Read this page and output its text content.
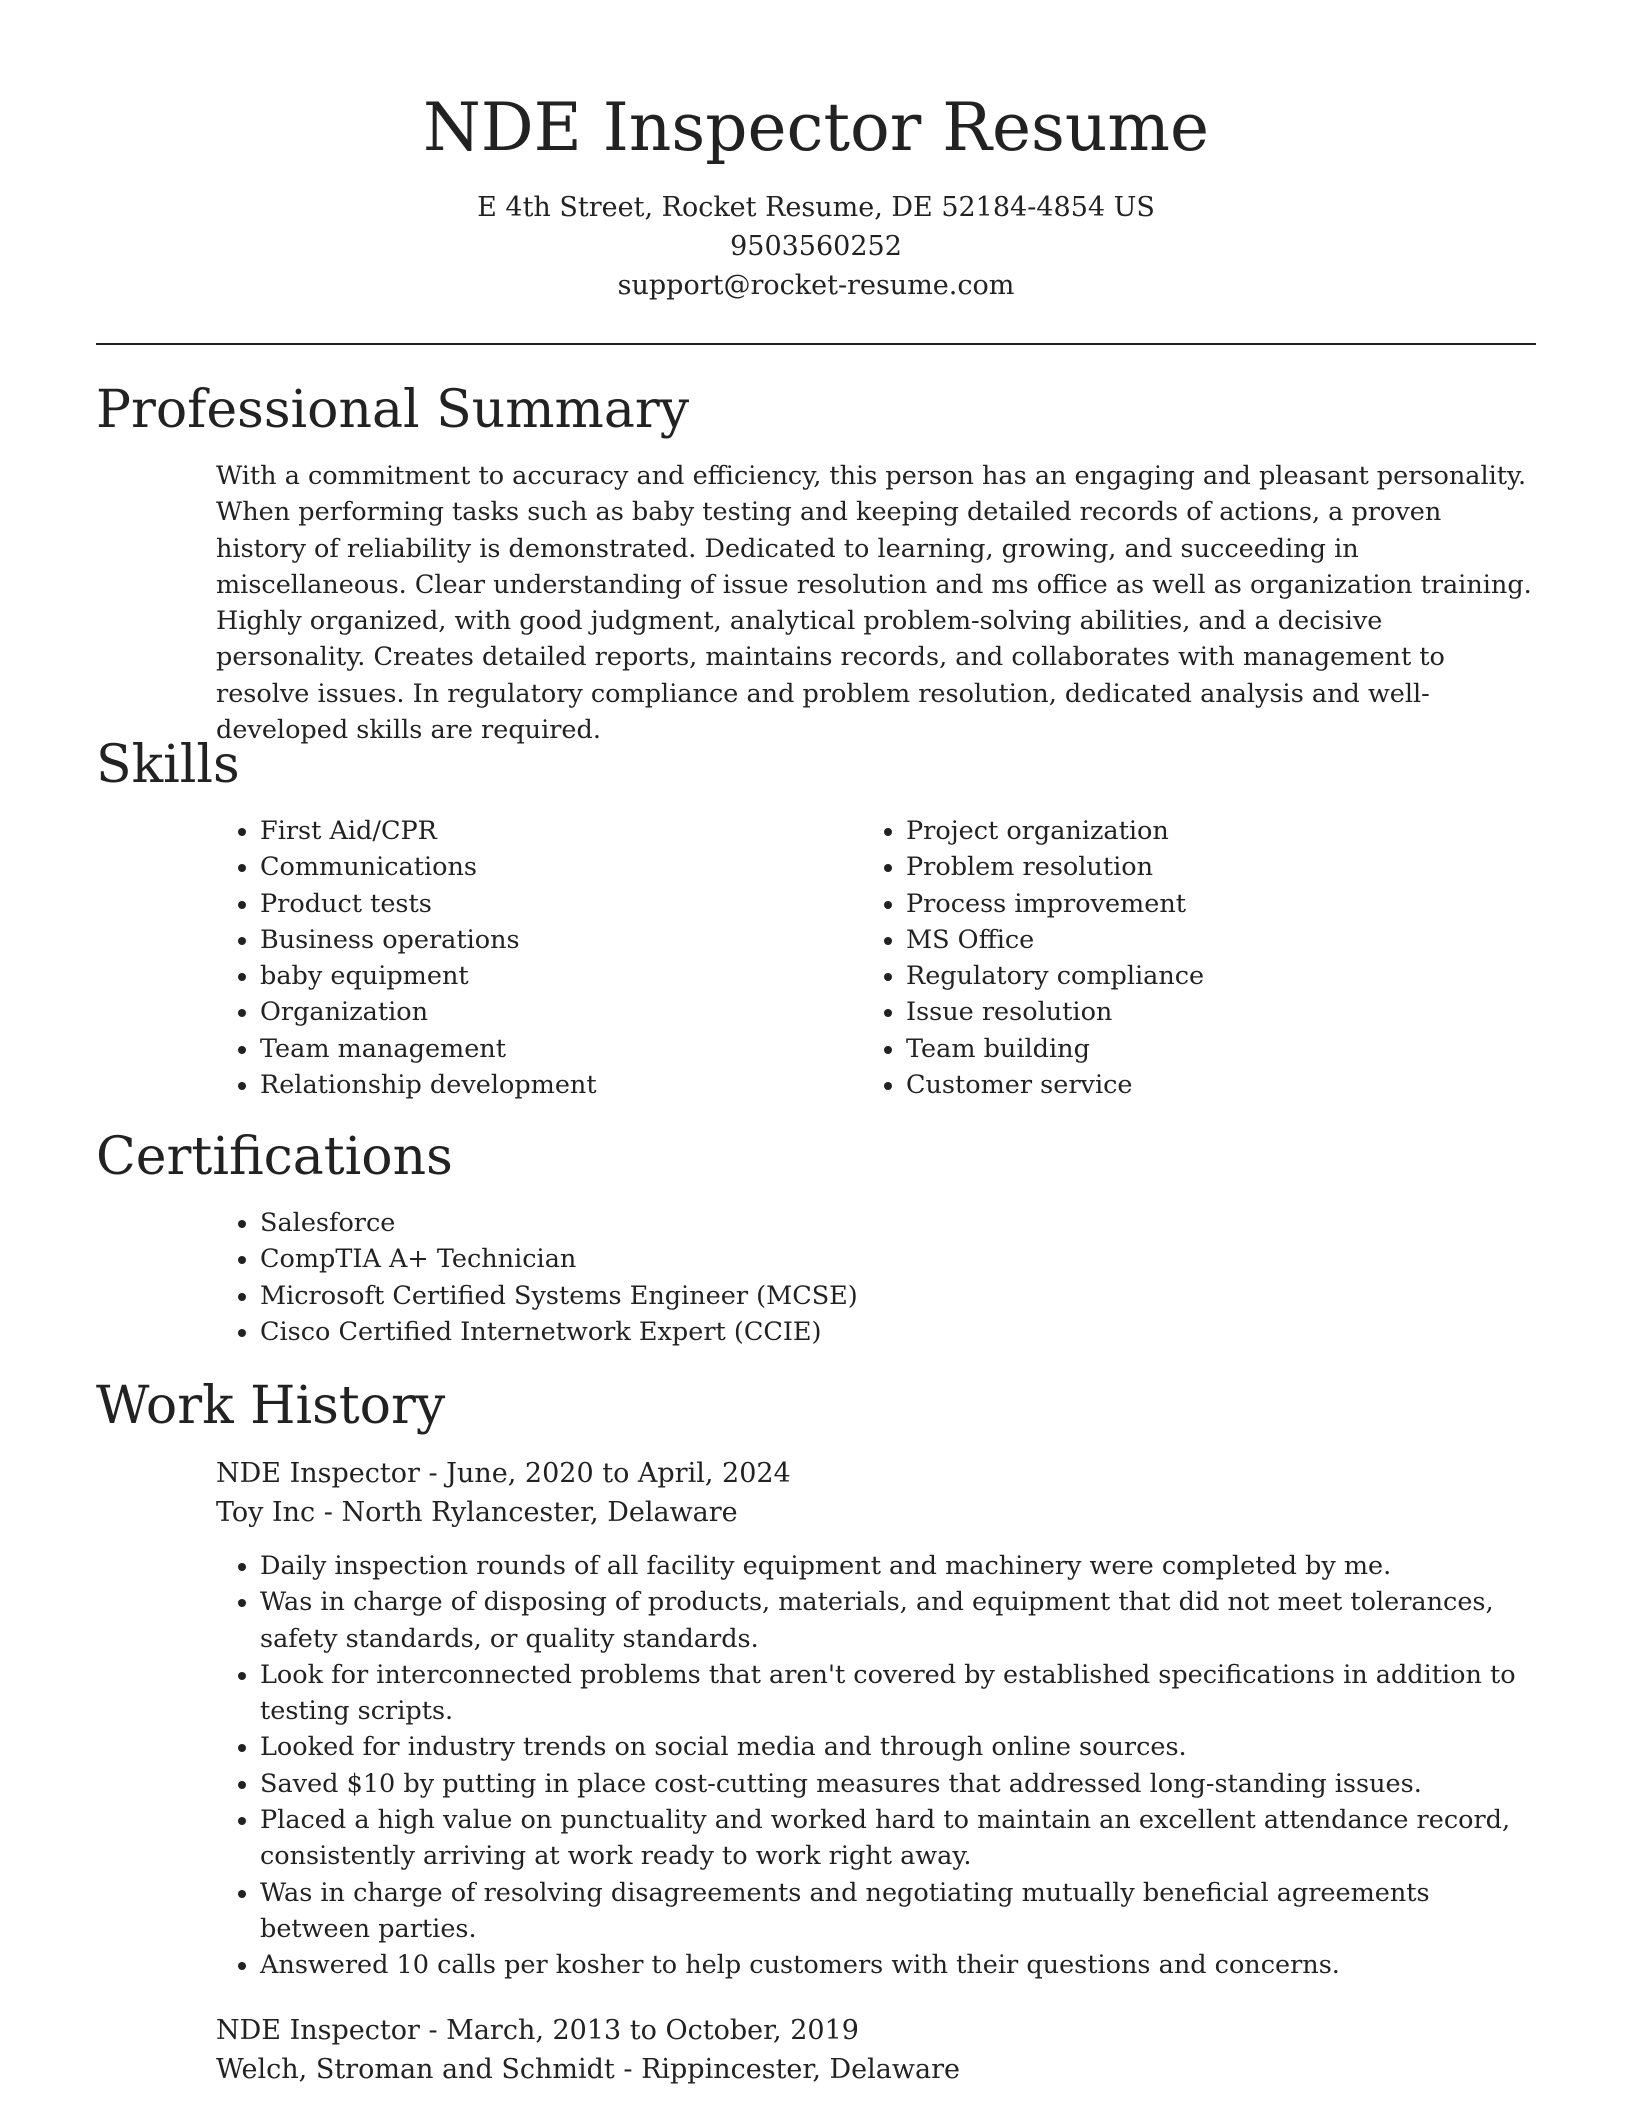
NDE Inspector Resume
E 4th Street, Rocket Resume, DE 52184-4854 US
9503560252
support@rocket-resume.com
Professional Summary

With a commitment to accuracy and efficiency, this person has an engaging and pleasant personality. When performing tasks such as baby testing and keeping detailed records of actions, a proven history of reliability is demonstrated. Dedicated to learning, growing, and succeeding in miscellaneous. Clear understanding of issue resolution and ms office as well as organization training. Highly organized, with good judgment, analytical problem-solving abilities, and a decisive personality. Creates detailed reports, maintains records, and collaborates with management to resolve issues. In regulatory compliance and problem resolution, dedicated analysis and well-developed skills are required.

Skills
• First Aid/CPR
• Communications
• Product tests
• Business operations
• baby equipment
• Organization
• Team management
• Relationship development
• Project organization
• Problem resolution
• Process improvement
• MS Office
• Regulatory compliance
• Issue resolution
• Team building
• Customer service
Certifications
• Salesforce
• CompTIA A+ Technician
• Microsoft Certified Systems Engineer (MCSE)
• Cisco Certified Internetwork Expert (CCIE)
Work History

NDE Inspector - June, 2020 to April, 2024

Toy Inc - North Rylancester, Delaware

• Daily inspection rounds of all facility equipment and machinery were completed by me.
• Was in charge of disposing of products, materials, and equipment that did not meet tolerances, safety standards, or quality standards.
• Look for interconnected problems that aren't covered by established specifications in addition to testing scripts.
• Looked for industry trends on social media and through online sources.
• Saved $10 by putting in place cost-cutting measures that addressed long-standing issues.
• Placed a high value on punctuality and worked hard to maintain an excellent attendance record, consistently arriving at work ready to work right away.
• Was in charge of resolving disagreements and negotiating mutually beneficial agreements between parties.
• Answered 10 calls per kosher to help customers with their questions and concerns.

NDE Inspector - March, 2013 to October, 2019

Welch, Stroman and Schmidt - Rippincester, Delaware
